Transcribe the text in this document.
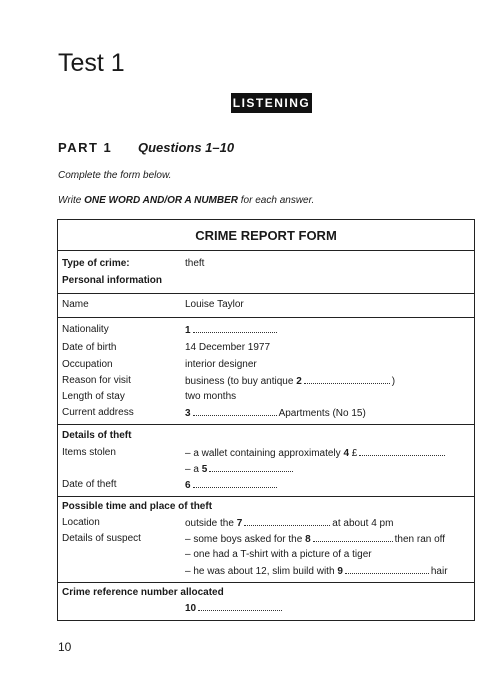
Test 1
LISTENING
PART 1 Questions 1–10
Complete the form below.
Write ONE WORD AND/OR A NUMBER for each answer.
CRIME REPORT FORM
Type of crime:	theft
Personal information
Name	Louise Taylor
Nationality	1
Date of birth	14 December 1977
Occupation	interior designer
Reason for visit	business (to buy antique 2	)
Length of stay	two months
Current address	3	Apartments (No 15)
Details of theft
Items stolen	– a wallet containing approximately 4 £
– a 5
Date of theft	6
Possible time and place of theft
Location	outside the 7	at about 4 pm
Details of suspect	– some boys asked for the 8	then ran off
– one had a T-shirt with a picture of a tiger
– he was about 12, slim build with 9	hair
Crime reference number allocated
10
10
